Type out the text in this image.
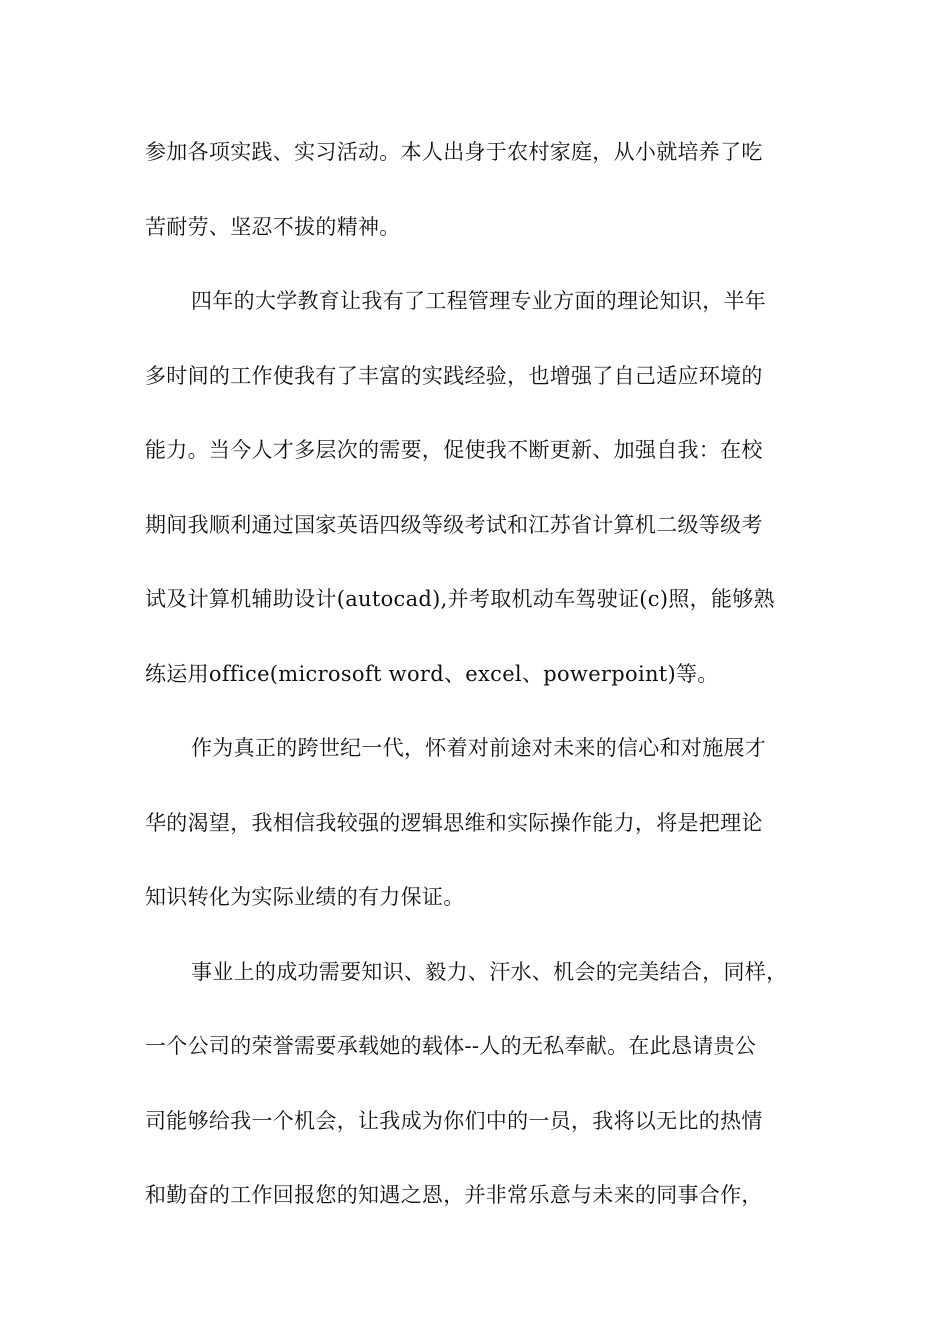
参加各项实践、实习活动。本人出身于农村家庭，从小就培养了吃
苦耐劳、坚忍不拔的精神。
四年的大学教育让我有了工程管理专业方面的理论知识，半年
多时间的工作使我有了丰富的实践经验，也增强了自己适应环境的
能力。当今人才多层次的需要，促使我不断更新、加强自我：在校
期间我顺利通过国家英语四级等级考试和江苏省计算机二级等级考
试及计算机辅助设计(autocad),并考取机动车驾驶证(c)照，能够熟
练运用office(microsoft word、excel、powerpoint)等。
作为真正的跨世纪一代，怀着对前途对未来的信心和对施展才
华的渴望，我相信我较强的逻辑思维和实际操作能力，将是把理论
知识转化为实际业绩的有力保证。
事业上的成功需要知识、毅力、汗水、机会的完美结合，同样，
一个公司的荣誉需要承载她的载体--人的无私奉献。在此恳请贵公
司能够给我一个机会，让我成为你们中的一员，我将以无比的热情
和勤奋的工作回报您的知遇之恩，并非常乐意与未来的同事合作，
